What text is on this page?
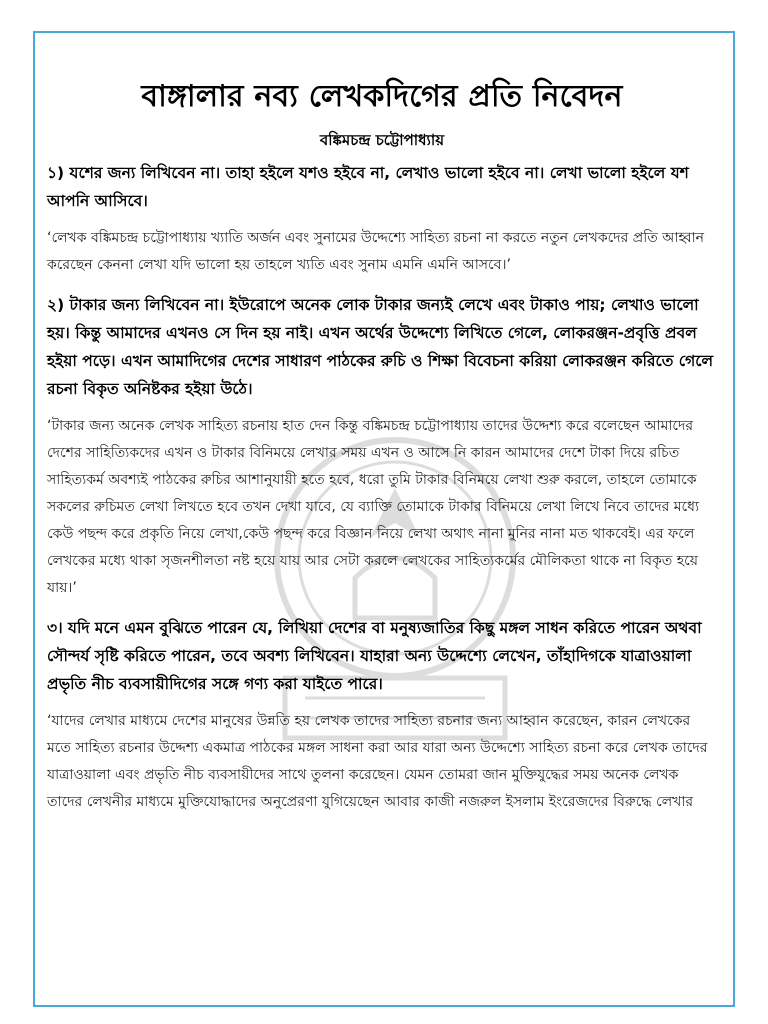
বাঙ্গালার নব্য লেখকদিগের প্রতি নিবেদন

বঙ্কিমচন্দ্র চট্টোপাধ্যায়

১) যশের জন্য লিখিবেন না। তাহা হইলে যশও হইবে না, লেখাও ভালো হইবে না। লেখা ভালো হইলে যশ আপনি আসিবে।

‘লেখক বঙ্কিমচন্দ্র চট্টোপাধ্যায় খ্যাতি অর্জন এবং সুনামের উদ্দেশ্যে সাহিত্য রচনা না করতে নতুন লেখকদের প্রতি আহ্বান করেছেন কেননা লেখা যদি ভালো হয় তাহলে খ্যতি এবং সুনাম এমনি এমনি আসবে।’

২) টাকার জন্য লিখিবেন না। ইউরোপে অনেক লোক টাকার জন্যই লেখে এবং টাকাও পায়; লেখাও ভালো হয়। কিন্তু আমাদের এখনও সে দিন হয় নাই। এখন অর্থের উদ্দেশ্যে লিখিতে গেলে, লোকরঞ্জন-প্রবৃত্তি প্রবল হইয়া পড়ে। এখন আমাদিগের দেশের সাধারণ পাঠকের রুচি ও শিক্ষা বিবেচনা করিয়া লোকরঞ্জন করিতে গেলে রচনা বিকৃত অনিষ্টকর হইয়া উঠে।

‘টাকার জন্য অনেক লেখক সাহিত্য রচনায় হাত দেন কিন্তু বঙ্কিমচন্দ্র চট্টোপাধ্যায় তাদের উদ্দেশ্য করে বলেছেন আমাদের দেশের সাহিত্যিকদের এখন ও টাকার বিনিময়ে লেখার সময় এখন ও আসে নি কারন আমাদের দেশে টাকা দিয়ে রচিত সাহিত্যকর্ম অবশ্যই পাঠকের রুচির আশানুযায়ী হতে হবে, ধরো তুমি টাকার বিনিময়ে লেখা শুরু করলে, তাহলে তোমাকে সকলের রুচিমত লেখা লিখতে হবে তখন দেখা যাবে, যে ব্যাক্তি তোমাকে টাকার বিনিময়ে লেখা লিখে নিবে তাদের মধ্যে কেউ পছন্দ করে প্রকৃতি নিয়ে লেখা,কেউ পছন্দ করে বিজ্ঞান নিয়ে লেখা অথাৎ নানা মুনির নানা মত থাকবেই। এর ফলে লেখকের মধ্যে থাকা সৃজনশীলতা নষ্ট হয়ে যায় আর সেটা করলে লেখকের সাহিত্যকর্মের মৌলিকতা থাকে না বিকৃত হয়ে যায়।’

৩। যদি মনে এমন বুঝিতে পারেন যে, লিখিয়া দেশের বা মনুষ্যজাতির কিছু মঙ্গল সাধন করিতে পারেন অথবা সৌন্দর্য সৃষ্টি করিতে পারেন, তবে অবশ্য লিখিবেন। যাহারা অন্য উদ্দেশ্যে লেখেন, তাঁহাদিগকে যাত্রাওয়ালা প্রভৃতি নীচ ব্যবসায়ীদিগের সঙ্গে গণ্য করা যাইতে পারে।

‘যাদের লেখার মাধ্যমে দেশের মানুষের উন্নতি হয় লেখক তাদের সাহিত্য রচনার জন্য আহ্বান করেছেন, কারন লেখকের মতে সাহিত্য রচনার উদ্দেশ্য একমাত্র পাঠকের মঙ্গল সাধনা করা আর যারা অন্য উদ্দেশ্যে সাহিত্য রচনা করে লেখক তাদের যাত্রাওয়ালা এবং প্রভৃতি নীচ ব্যবসায়ীদের সাথে তুলনা করেছেন। যেমন তোমরা জান মুক্তিযুদ্ধের সময় অনেক লেখক তাদের লেখনীর মাধ্যমে মুক্তিযোদ্ধাদের অনুপ্রেরণা যুগিয়েছেন আবার কাজী নজরুল ইসলাম ইংরেজদের বিরুদ্ধে লেখার
